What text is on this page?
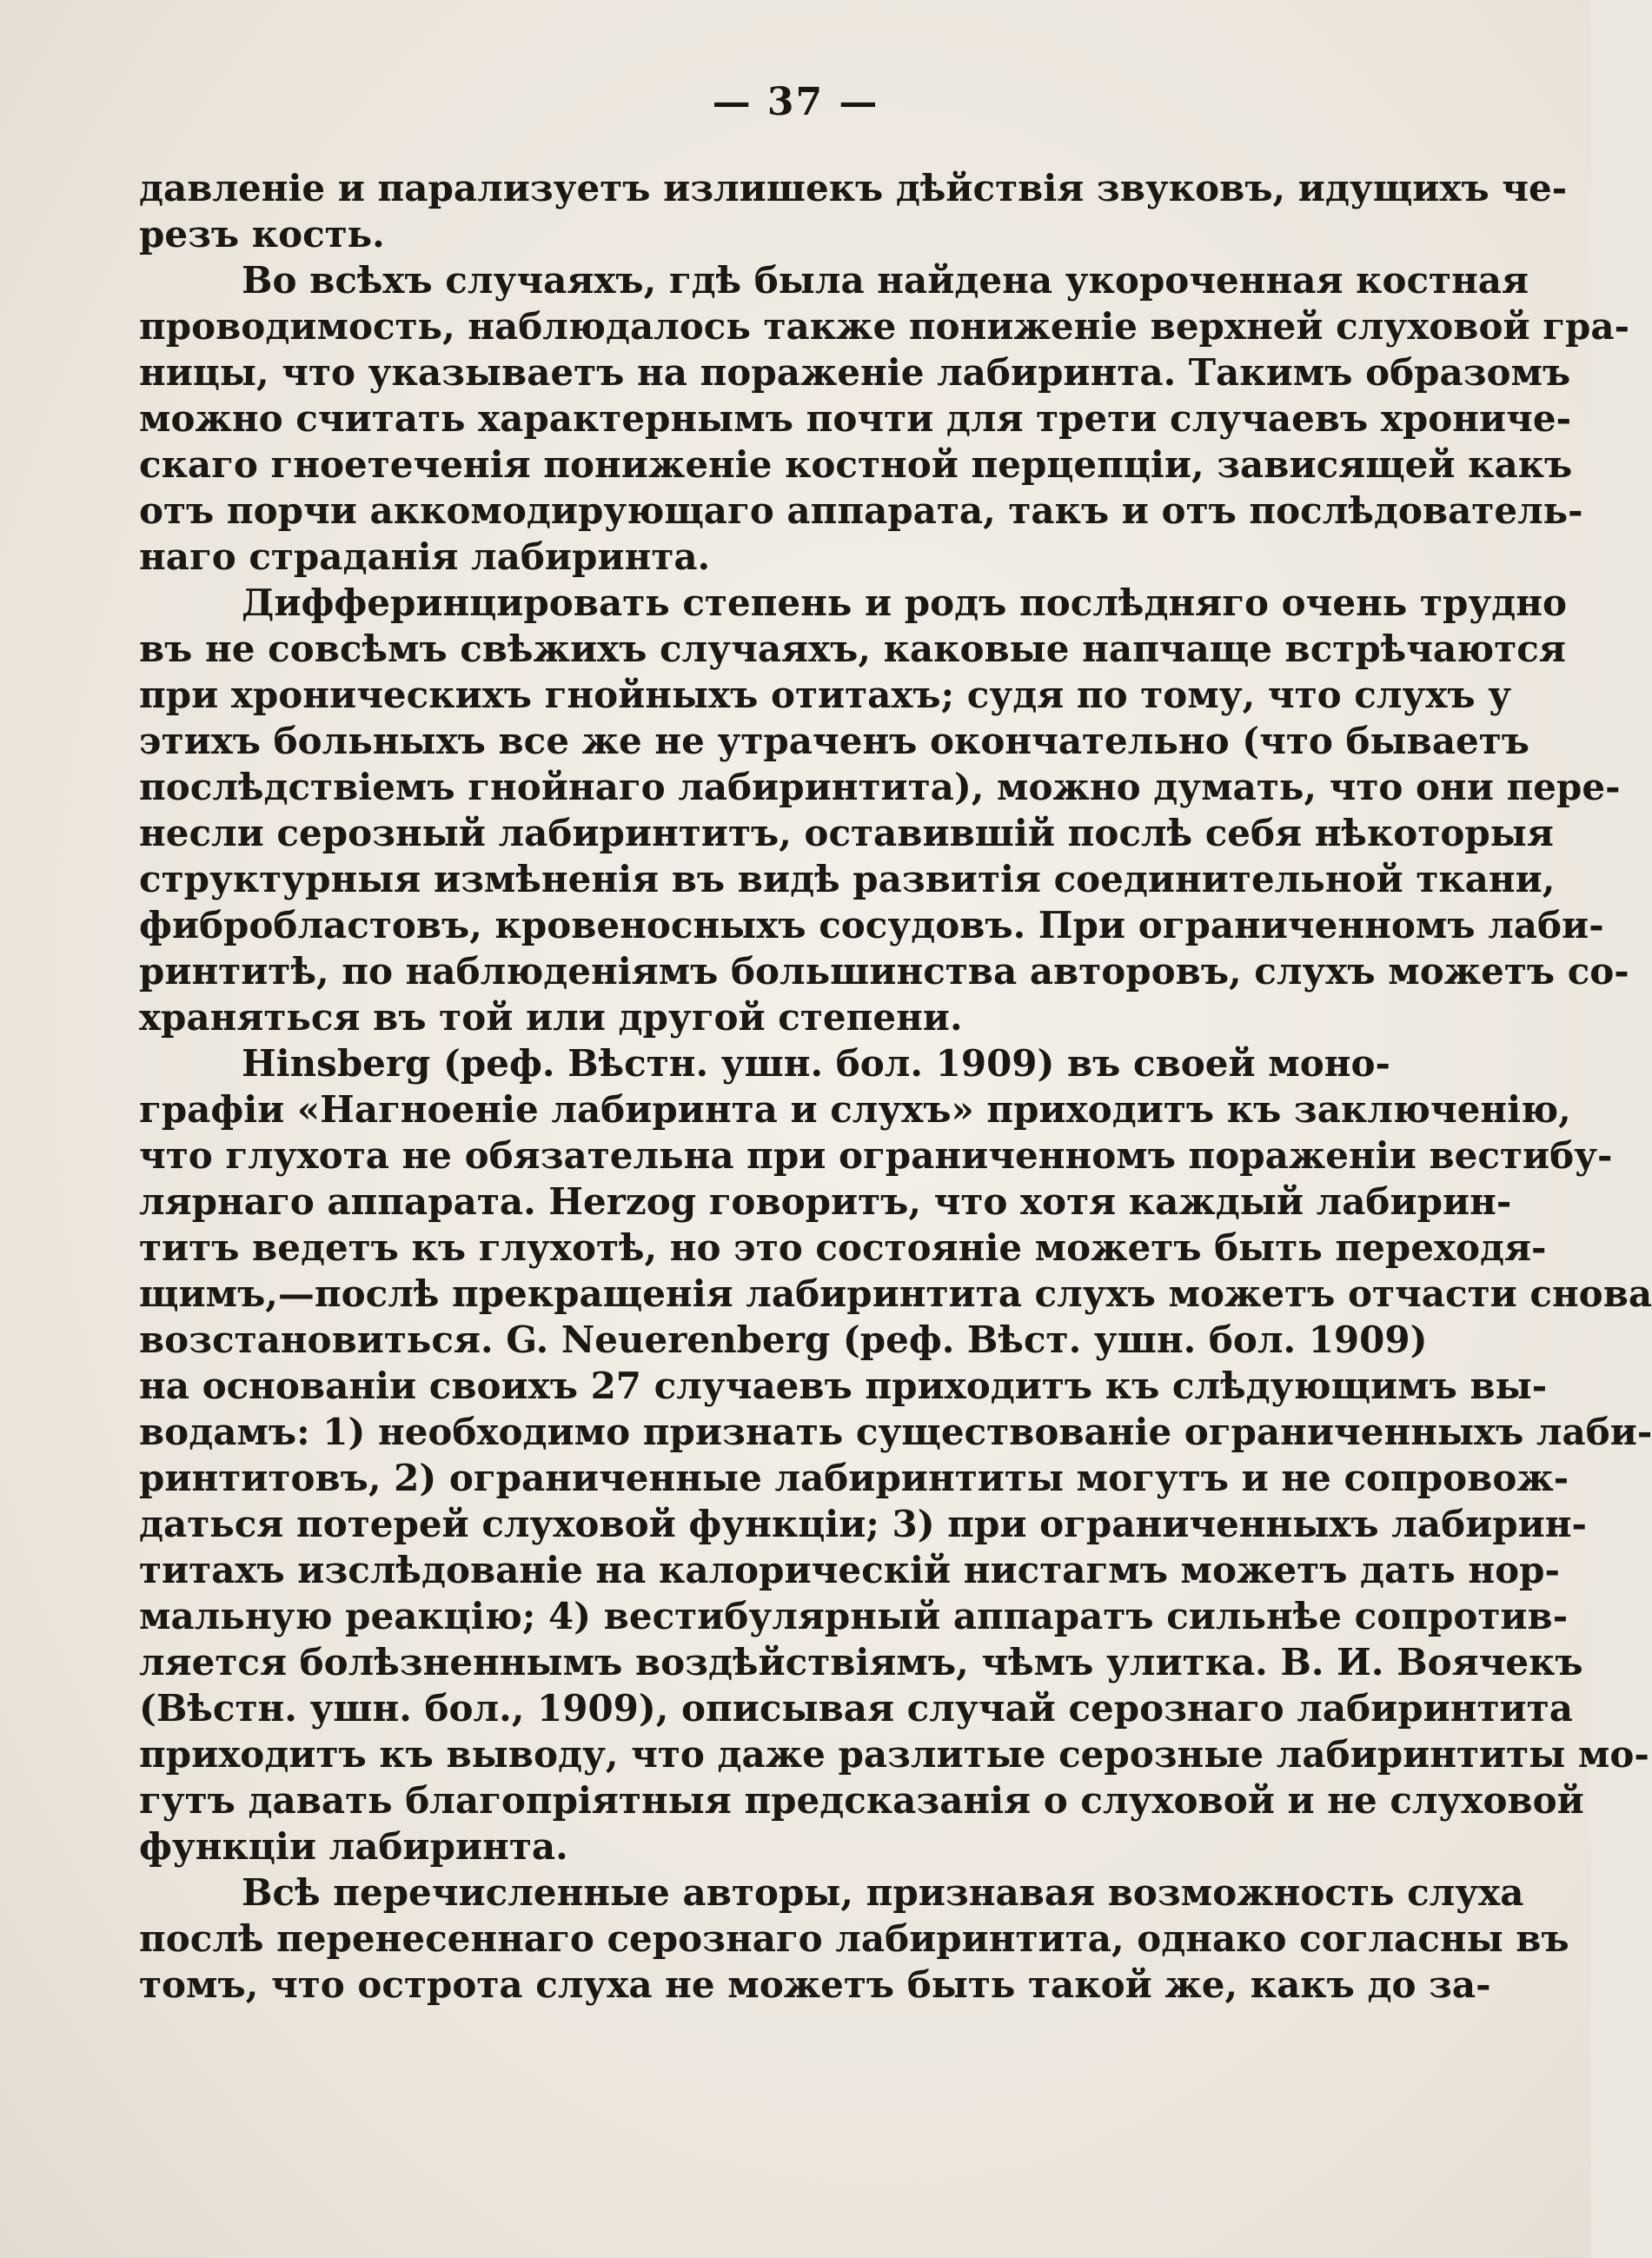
— 37 —
давленіе и парализуетъ излишекъ дѣйствія звуковъ, идущихъ че-
резъ кость.
Во всѣхъ случаяхъ, гдѣ была найдена укороченная костная
проводимость, наблюдалось также пониженіе верхней слуховой гра-
ницы, что указываетъ на пораженіе лабиринта. Такимъ образомъ
можно считать характернымъ почти для трети случаевъ хрониче-
скаго гноетеченія пониженіе костной перцепціи, зависящей какъ
отъ порчи аккомодирующаго аппарата, такъ и отъ послѣдователь-
наго страданія лабиринта.
Дифферинцировать степень и родъ послѣдняго очень трудно
въ не совсѣмъ свѣжихъ случаяхъ, каковые напчаще встрѣчаются
при хроническихъ гнойныхъ отитахъ; судя по тому, что слухъ у
этихъ больныхъ все же не утраченъ окончательно (что бываетъ
послѣдствіемъ гнойнаго лабиринтита), можно думать, что они пере-
несли серозный лабиринтитъ, оставившій послѣ себя нѣкоторыя
структурныя измѣненія въ видѣ развитія соединительной ткани,
фибробластовъ, кровеносныхъ сосудовъ. При ограниченномъ лаби-
ринтитѣ, по наблюденіямъ большинства авторовъ, слухъ можетъ со-
храняться въ той или другой степени.
Hinsberg (реф. Вѣстн. ушн. бол. 1909) въ своей моно-
графіи «Нагноеніе лабиринта и слухъ» приходитъ къ заключенію,
что глухота не обязательна при ограниченномъ пораженіи вестибу-
лярнаго аппарата. Herzog говоритъ, что хотя каждый лабирин-
титъ ведетъ къ глухотѣ, но это состояніе можетъ быть переходя-
щимъ,—послѣ прекращенія лабиринтита слухъ можетъ отчасти снова
возстановиться. G. Neuerenberg (реф. Вѣст. ушн. бол. 1909)
на основаніи своихъ 27 случаевъ приходитъ къ слѣдующимъ вы-
водамъ: 1) необходимо признать существованіе ограниченныхъ лаби-
ринтитовъ, 2) ограниченные лабиринтиты могутъ и не сопровож-
даться потерей слуховой функціи; 3) при ограниченныхъ лабирин-
титахъ изслѣдованіе на калорическій нистагмъ можетъ дать нор-
мальную реакцію; 4) вестибулярный аппаратъ сильнѣе сопротив-
ляется болѣзненнымъ воздѣйствіямъ, чѣмъ улитка. В. И. Воячекъ
(Вѣстн. ушн. бол., 1909), описывая случай серознаго лабиринтита
приходитъ къ выводу, что даже разлитые серозные лабиринтиты мо-
гутъ давать благопріятныя предсказанія о слуховой и не слуховой
функціи лабиринта.
Всѣ перечисленные авторы, признавая возможность слуха
послѣ перенесеннаго серознаго лабиринтита, однако согласны въ
томъ, что острота слуха не можетъ быть такой же, какъ до за-
